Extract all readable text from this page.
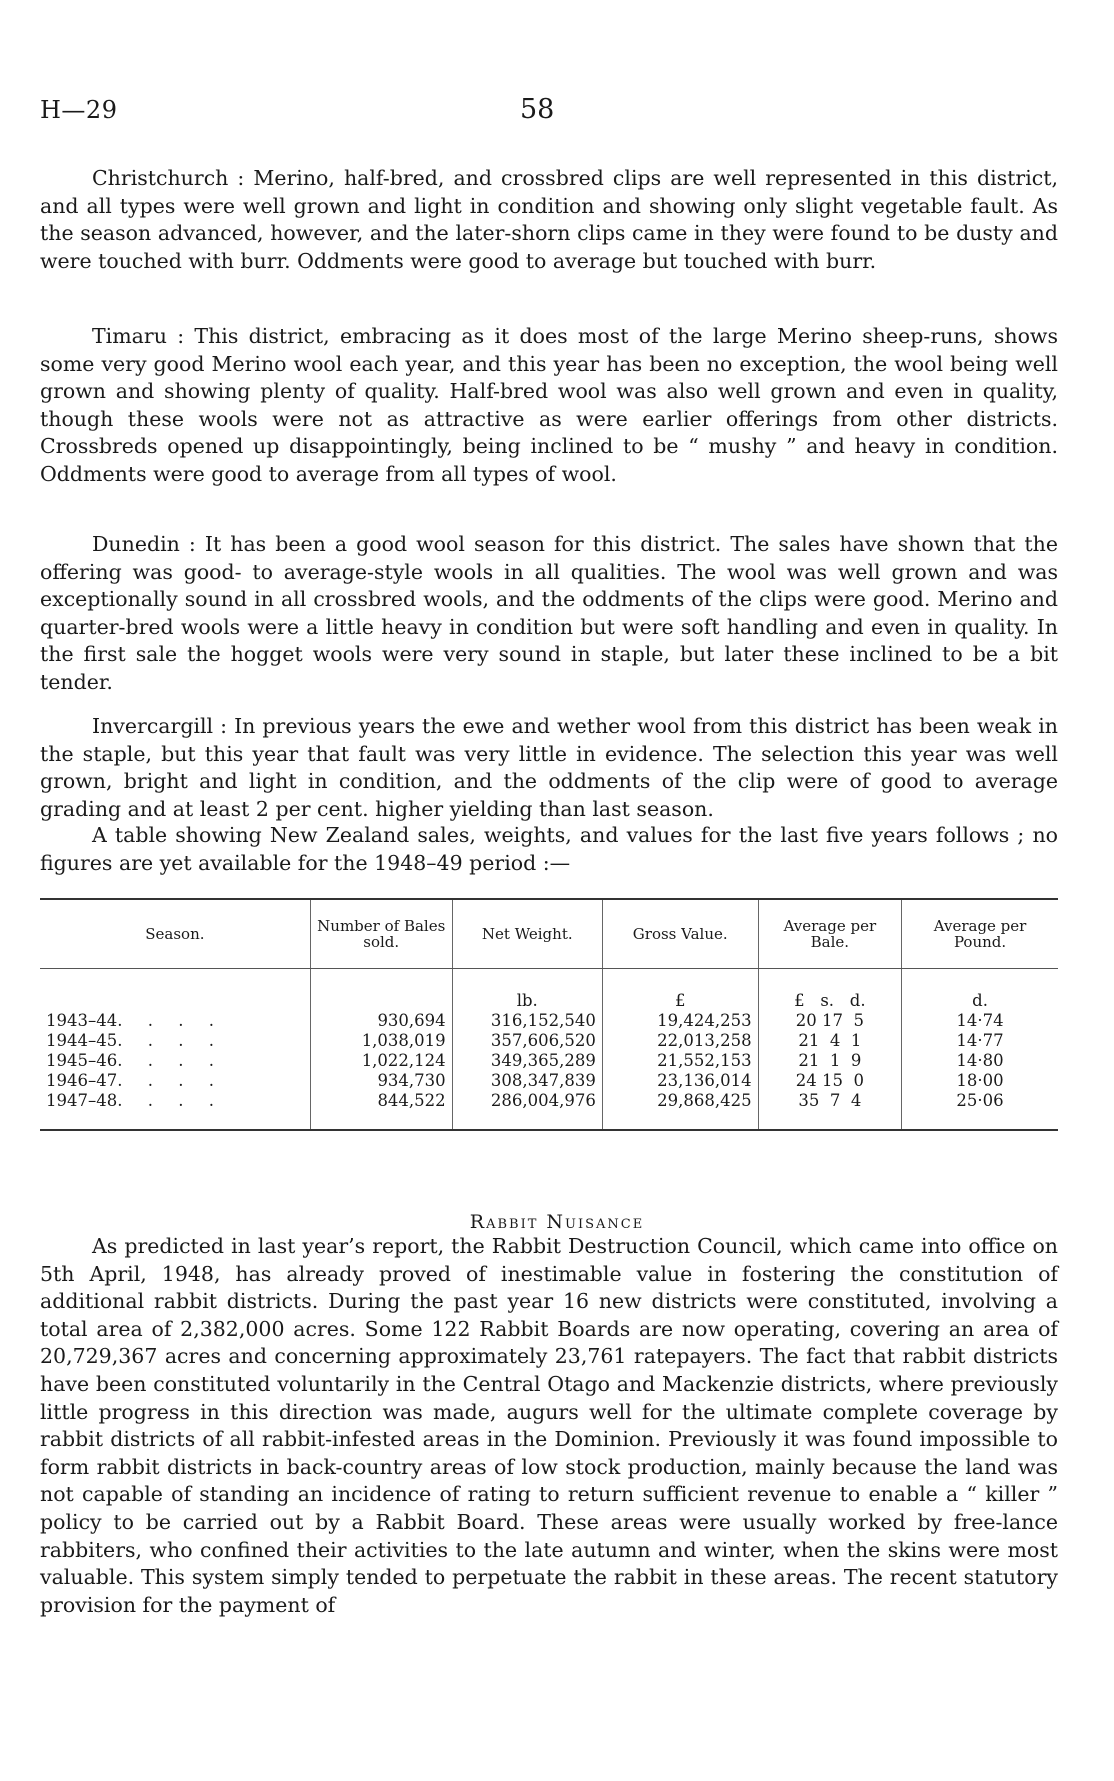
H—29	58

Christchurch : Merino, half-bred, and crossbred clips are well represented in this district, and all types were well grown and light in condition and showing only slight vegetable fault. As the season advanced, however, and the later-shorn clips came in they were found to be dusty and were touched with burr. Oddments were good to average but touched with burr.

Timaru : This district, embracing as it does most of the large Merino sheep-runs, shows some very good Merino wool each year, and this year has been no exception, the wool being well grown and showing plenty of quality. Half-bred wool was also well grown and even in quality, though these wools were not as attractive as were earlier offerings from other districts. Crossbreds opened up disappointingly, being inclined to be “ mushy ” and heavy in condition. Oddments were good to average from all types of wool.

Dunedin : It has been a good wool season for this district. The sales have shown that the offering was good- to average-style wools in all qualities. The wool was well grown and was exceptionally sound in all crossbred wools, and the oddments of the clips were good. Merino and quarter-bred wools were a little heavy in condition but were soft handling and even in quality. In the first sale the hogget wools were very sound in staple, but later these inclined to be a bit tender.

Invercargill : In previous years the ewe and wether wool from this district has been weak in the staple, but this year that fault was very little in evidence. The selection this year was well grown, bright and light in condition, and the oddments of the clip were of good to average grading and at least 2 per cent. higher yielding than last season.

A table showing New Zealand sales, weights, and values for the last five years follows ; no figures are yet available for the 1948–49 period :—

Season.	Number of Bales sold.	Net Weight.	Gross Value.	Average per Bale.	Average per Pound.
		lb.	£	£   s.   d.	d.
1943–44. . . .	930,694	316,152,540	19,424,253	20 17  5	14·74
1944–45. . . .	1,038,019	357,606,520	22,013,258	21  4  1	14·77
1945–46. . . .	1,022,124	349,365,289	21,552,153	21  1  9	14·80
1946–47. . . .	934,730	308,347,839	23,136,014	24 15  0	18·00
1947–48. . . .	844,522	286,004,976	29,868,425	35  7  4	25·06
Rabbit Nuisance

As predicted in last year’s report, the Rabbit Destruction Council, which came into office on 5th April, 1948, has already proved of inestimable value in fostering the constitution of additional rabbit districts. During the past year 16 new districts were constituted, involving a total area of 2,382,000 acres. Some 122 Rabbit Boards are now operating, covering an area of 20,729,367 acres and concerning approximately 23,761 ratepayers. The fact that rabbit districts have been constituted voluntarily in the Central Otago and Mackenzie districts, where previously little progress in this direction was made, augurs well for the ultimate complete coverage by rabbit districts of all rabbit-infested areas in the Dominion. Previously it was found impossible to form rabbit districts in back-country areas of low stock production, mainly because the land was not capable of standing an incidence of rating to return sufficient revenue to enable a “ killer ” policy to be carried out by a Rabbit Board. These areas were usually worked by free-lance rabbiters, who confined their activities to the late autumn and winter, when the skins were most valuable. This system simply tended to perpetuate the rabbit in these areas. The recent statutory provision for the payment of
